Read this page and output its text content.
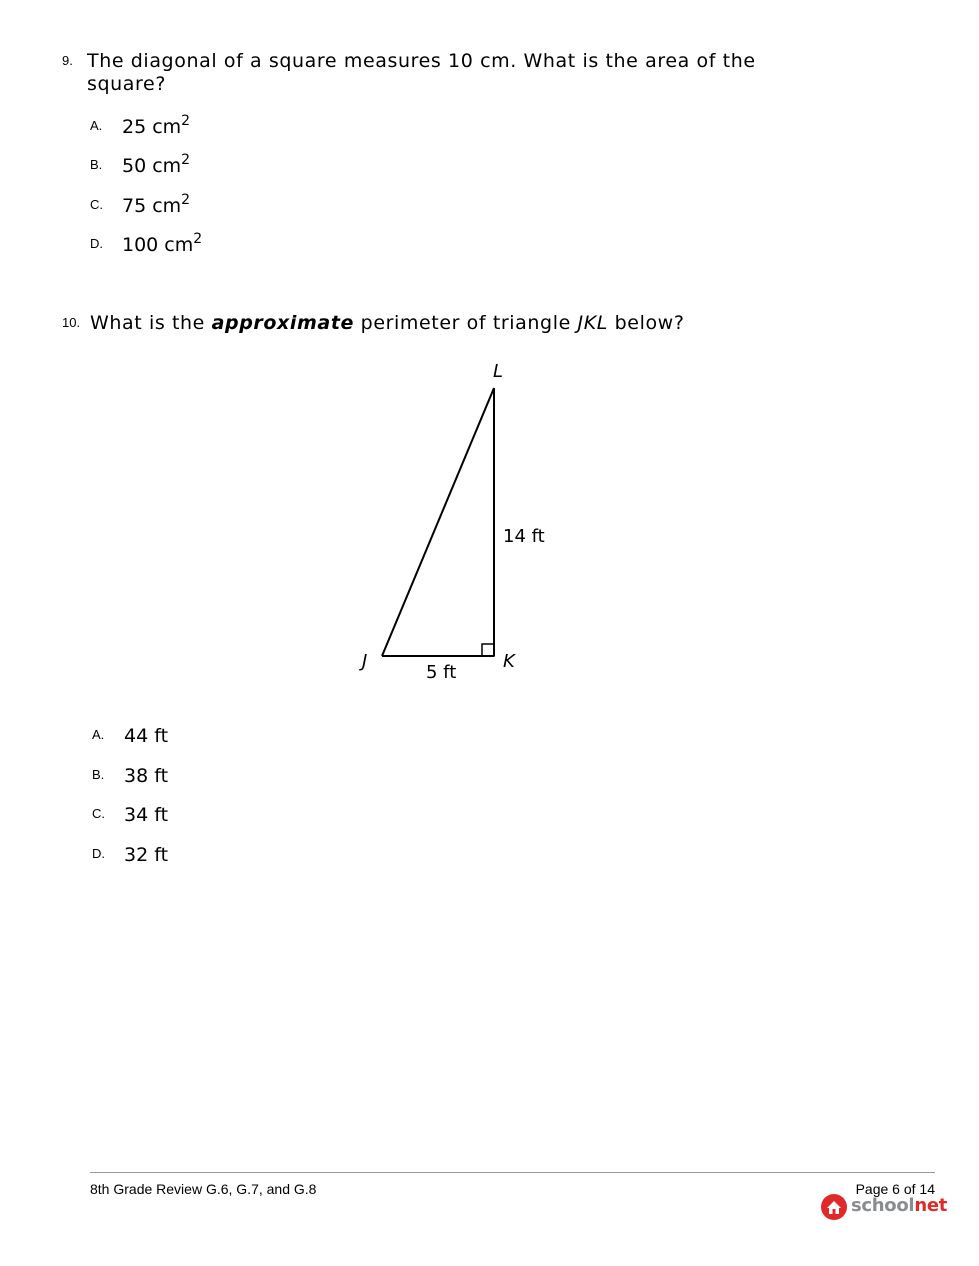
9. The diagonal of a square measures 10 cm. What is the area of the
square?
A. 25 $cm^2$
B. 50 $cm^2$
C. 75 $cm^2$
D. 100 $cm^2$
10. What is the approximate perimeter of triangle JKL below?
L
J	K
14 ft
5 ft
A. 44 ft
B. 38 ft
C. 34 ft
D. 32 ft
8th Grade Review G.6, G.7, and G.8	Page 6 of 14
schoolnet
